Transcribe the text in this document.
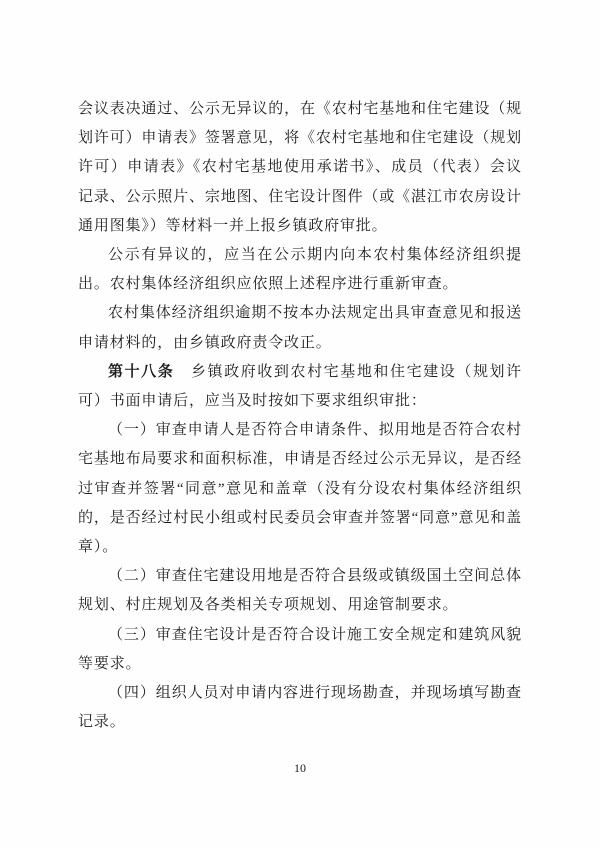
会议表决通过、公示无异议的，在《农村宅基地和住宅建设（规划许可）申请表》签署意见，将《农村宅基地和住宅建设（规划许可）申请表》《农村宅基地使用承诺书》、成员（代表）会议记录、公示照片、宗地图、住宅设计图件（或《湛江市农房设计通用图集》）等材料一并上报乡镇政府审批。

公示有异议的，应当在公示期内向本农村集体经济组织提出。农村集体经济组织应依照上述程序进行重新审查。

农村集体经济组织逾期不按本办法规定出具审查意见和报送申请材料的，由乡镇政府责令改正。

第十八条　乡镇政府收到农村宅基地和住宅建设（规划许可）书面申请后，应当及时按如下要求组织审批：

（一）审查申请人是否符合申请条件、拟用地是否符合农村宅基地布局要求和面积标准，申请是否经过公示无异议，是否经过审查并签署“同意”意见和盖章（没有分设农村集体经济组织的，是否经过村民小组或村民委员会审查并签署“同意”意见和盖章）。

（二）审查住宅建设用地是否符合县级或镇级国土空间总体规划、村庄规划及各类相关专项规划、用途管制要求。

（三）审查住宅设计是否符合设计施工安全规定和建筑风貌等要求。

（四）组织人员对申请内容进行现场勘查，并现场填写勘查记录。

10
